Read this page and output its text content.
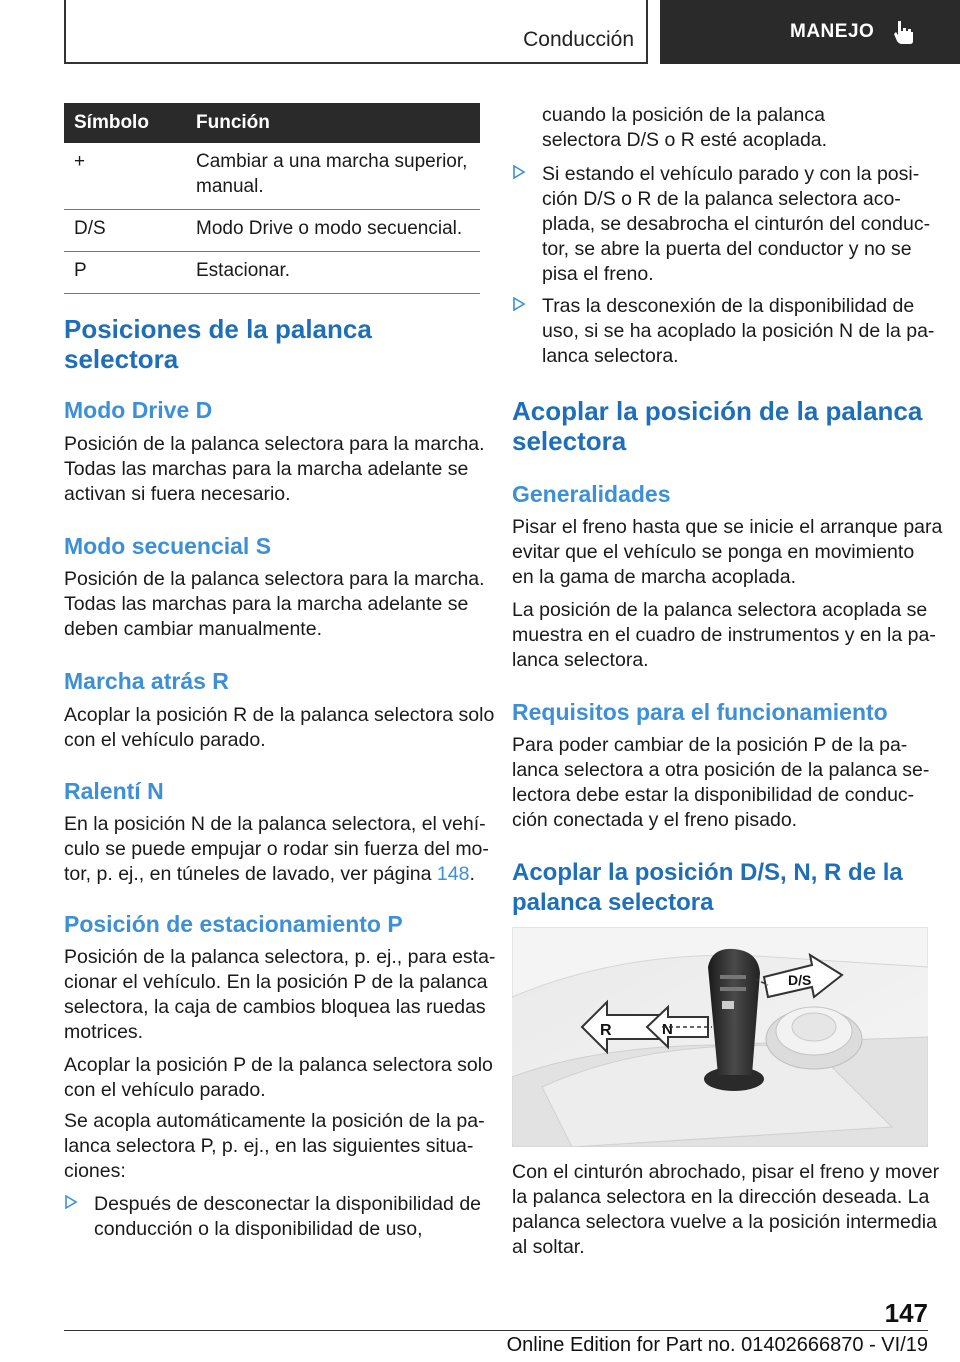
Conducción	MANEJO
Símbolo	Función
+	Cambiar a una marcha superior,
manual.
D/S	Modo Drive o modo secuencial.
P	Estacionar.
Posiciones de la palanca
selectora
Modo Drive D
Posición de la palanca selectora para la marcha.
Todas las marchas para la marcha adelante se
activan si fuera necesario.
Modo secuencial S
Posición de la palanca selectora para la marcha.
Todas las marchas para la marcha adelante se
deben cambiar manualmente.
Marcha atrás R
Acoplar la posición R de la palanca selectora solo
con el vehículo parado.
Ralentí N
En la posición N de la palanca selectora, el vehí‐
culo se puede empujar o rodar sin fuerza del mo‐
tor, p. ej., en túneles de lavado, ver página 148.
Posición de estacionamiento P
Posición de la palanca selectora, p. ej., para esta‐
cionar el vehículo. En la posición P de la palanca
selectora, la caja de cambios bloquea las ruedas
motrices.
Acoplar la posición P de la palanca selectora solo
con el vehículo parado.
Se acopla automáticamente la posición de la pa‐
lanca selectora P, p. ej., en las siguientes situa‐
ciones:
Después de desconectar la disponibilidad de
conducción o la disponibilidad de uso,
cuando la posición de la palanca
selectora D/S o R esté acoplada.
Si estando el vehículo parado y con la posi‐
ción D/S o R de la palanca selectora aco‐
plada, se desabrocha el cinturón del conduc‐
tor, se abre la puerta del conductor y no se
pisa el freno.
Tras la desconexión de la disponibilidad de
uso, si se ha acoplado la posición N de la pa‐
lanca selectora.
Acoplar la posición de la palanca
selectora
Generalidades
Pisar el freno hasta que se inicie el arranque para
evitar que el vehículo se ponga en movimiento
en la gama de marcha acoplada.
La posición de la palanca selectora acoplada se
muestra en el cuadro de instrumentos y en la pa‐
lanca selectora.
Requisitos para el funcionamiento
Para poder cambiar de la posición P de la pa‐
lanca selectora a otra posición de la palanca se‐
lectora debe estar la disponibilidad de conduc‐
ción conectada y el freno pisado.
Acoplar la posición D/S, N, R de la
palanca selectora
R	N
D/S
Con el cinturón abrochado, pisar el freno y mover
la palanca selectora en la dirección deseada. La
palanca selectora vuelve a la posición intermedia
al soltar.
147
Online Edition for Part no. 01402666870 - VI/19
